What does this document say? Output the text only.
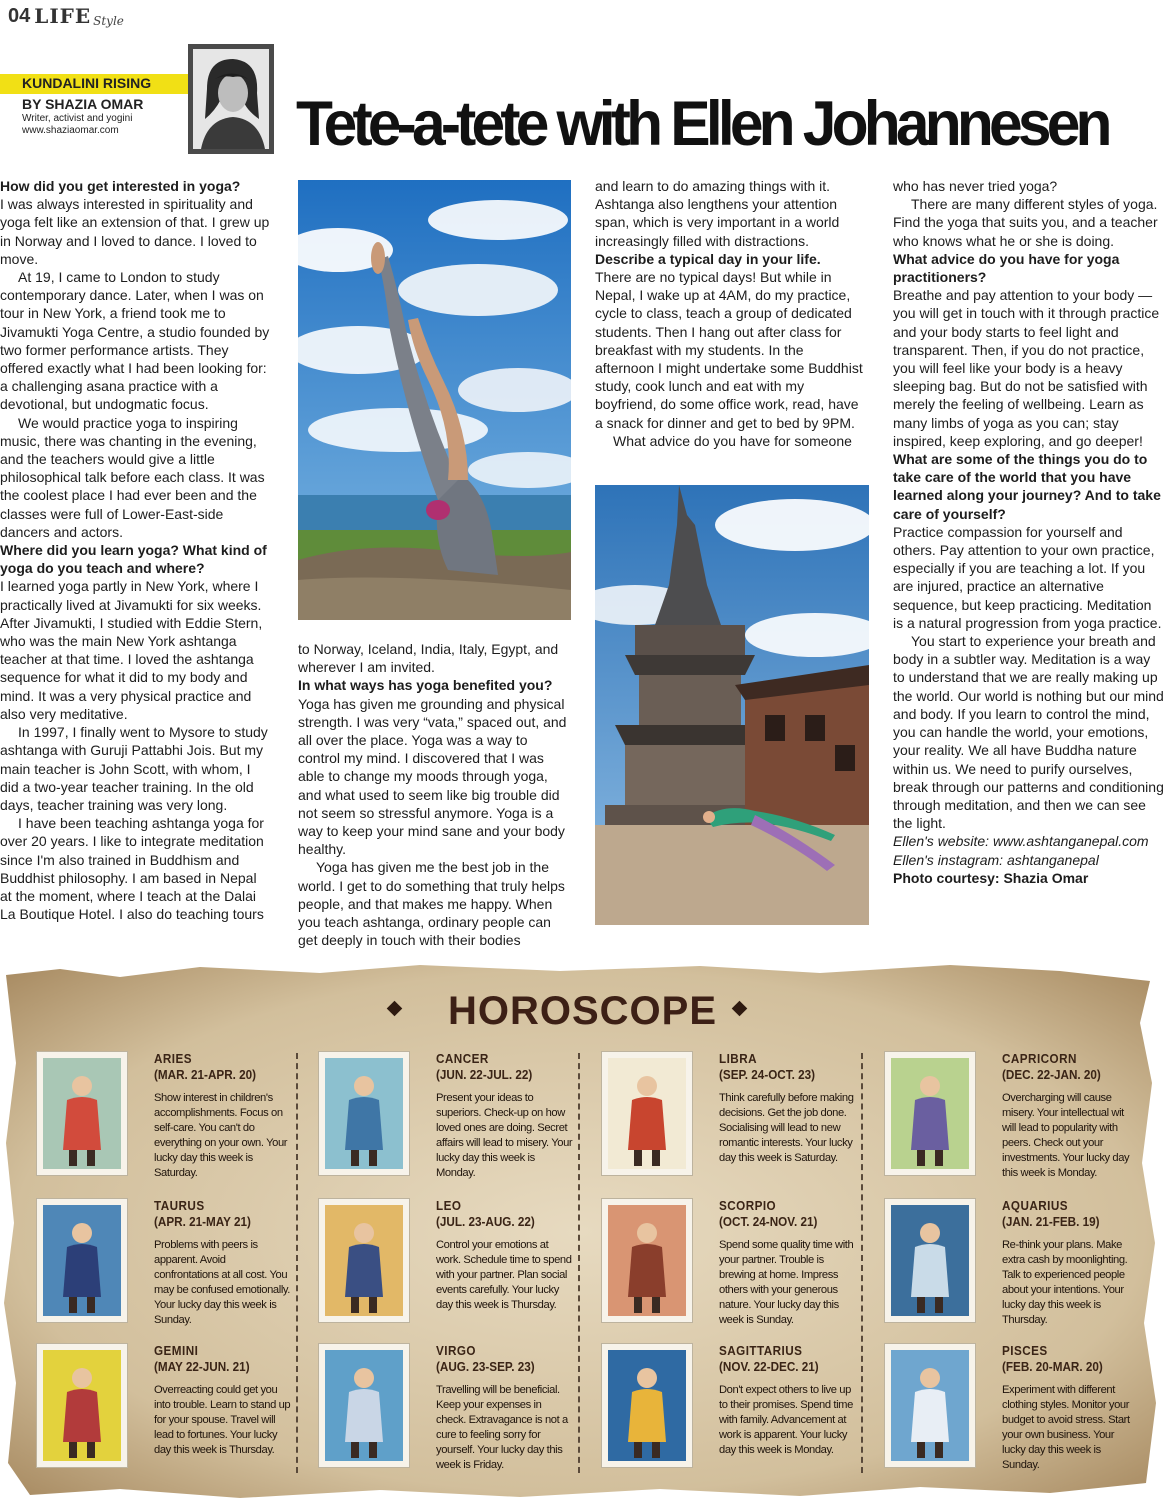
04 LIFE Style
KUNDALINI RISING
BY SHAZIA OMAR
Writer, activist and yogini
www.shaziaomar.com	Tete-a-tete with Ellen Johannesen

How did you get interested in yoga?

I was always interested in spirituality and yoga felt like an extension of that. I grew up in Norway and I loved to dance. I loved to move.

At 19, I came to London to study contemporary dance. Later, when I was on tour in New York, a friend took me to Jivamukti Yoga Centre, a studio founded by two former performance artists. They offered exactly what I had been looking for: a challenging asana practice with a devotional, but undogmatic focus.

We would practice yoga to inspiring music, there was chanting in the evening, and the teachers would give a little philosophical talk before each class. It was the coolest place I had ever been and the classes were full of Lower-East-side dancers and actors.

Where did you learn yoga? What kind of yoga do you teach and where?

I learned yoga partly in New York, where I practically lived at Jivamukti for six weeks. After Jivamukti, I studied with Eddie Stern, who was the main New York ashtanga teacher at that time. I loved the ashtanga sequence for what it did to my body and mind. It was a very physical practice and also very meditative.

In 1997, I finally went to Mysore to study ashtanga with Guruji Pattabhi Jois. But my main teacher is John Scott, with whom, I did a two-year teacher training. In the old days, teacher training was very long.

I have been teaching ashtanga yoga for over 20 years. I like to integrate meditation since I'm also trained in Buddhism and Buddhist philosophy. I am based in Nepal at the moment, where I teach at the Dalai La Boutique Hotel. I also do teaching tours

to Norway, Iceland, India, Italy, Egypt, and wherever I am invited.

In what ways has yoga benefited you?

Yoga has given me grounding and physical strength. I was very “vata,” spaced out, and all over the place. Yoga was a way to control my mind. I discovered that I was able to change my moods through yoga, and what used to seem like big trouble did not seem so stressful anymore. Yoga is a way to keep your mind sane and your body healthy.

Yoga has given me the best job in the world. I get to do something that truly helps people, and that makes me happy. When you teach ashtanga, ordinary people can get deeply in touch with their bodies

and learn to do amazing things with it. Ashtanga also lengthens your attention span, which is very important in a world increasingly filled with distractions.

Describe a typical day in your life.

There are no typical days! But while in Nepal, I wake up at 4AM, do my practice, cycle to class, teach a group of dedicated students. Then I hang out after class for breakfast with my students. In the afternoon I might undertake some Buddhist study, cook lunch and eat with my boyfriend, do some office work, read, have a snack for dinner and get to bed by 9PM.

What advice do you have for someone

who has never tried yoga?

There are many different styles of yoga. Find the yoga that suits you, and a teacher who knows what he or she is doing.

What advice do you have for yoga practitioners?

Breathe and pay attention to your body — you will get in touch with it through practice and your body starts to feel light and transparent. Then, if you do not practice, you will feel like your body is a heavy sleeping bag. But do not be satisfied with merely the feeling of wellbeing. Learn as many limbs of yoga as you can; stay inspired, keep exploring, and go deeper!

What are some of the things you do to take care of the world that you have learned along your journey? And to take care of yourself?

Practice compassion for yourself and others. Pay attention to your own practice, especially if you are teaching a lot. If you are injured, practice an alternative sequence, but keep practicing. Meditation is a natural progression from yoga practice.

You start to experience your breath and body in a subtler way. Meditation is a way to understand that we are really making up the world. Our world is nothing but our mind and body. If you learn to control the mind, you can handle the world, your emotions, your reality. We all have Buddha nature within us. We need to purify ourselves, break through our patterns and conditioning through meditation, and then we can see the light.

Ellen's website: www.ashtanganepal.com

Ellen's instagram: ashtanganepal

Photo courtesy: Shazia Omar

HOROSCOPE
ARIES
(MAR. 21-APR. 20)
Show interest in children's accomplishments. Focus on self-care. You can't do everything on your own. Your lucky day this week is Saturday.
TAURUS
(APR. 21-MAY 21)
Problems with peers is apparent. Avoid confrontations at all cost. You may be confused emotionally. Your lucky day this week is Sunday.
GEMINI
(MAY 22-JUN. 21)
Overreacting could get you into trouble. Learn to stand up for your spouse. Travel will lead to fortunes. Your lucky day this week is Thursday.
CANCER
(JUN. 22-JUL. 22)
Present your ideas to superiors. Check-up on how loved ones are doing. Secret affairs will lead to misery. Your lucky day this week is Monday.
LEO
(JUL. 23-AUG. 22)
Control your emotions at work. Schedule time to spend with your partner. Plan social events carefully. Your lucky day this week is Thursday.
VIRGO
(AUG. 23-SEP. 23)
Travelling will be beneficial. Keep your expenses in check. Extravagance is not a cure to feeling sorry for yourself. Your lucky day this week is Friday.
LIBRA
(SEP. 24-OCT. 23)
Think carefully before making decisions. Get the job done. Socialising will lead to new romantic interests. Your lucky day this week is Saturday.
SCORPIO
(OCT. 24-NOV. 21)
Spend some quality time with your partner. Trouble is brewing at home. Impress others with your generous nature. Your lucky day this week is Sunday.
SAGITTARIUS
(NOV. 22-DEC. 21)
Don't expect others to live up to their promises. Spend time with family. Advancement at work is apparent. Your lucky day this week is Monday.
CAPRICORN
(DEC. 22-JAN. 20)
Overcharging will cause misery. Your intellectual wit will lead to popularity with peers. Check out your investments. Your lucky day this week is Monday.
AQUARIUS
(JAN. 21-FEB. 19)
Re-think your plans. Make extra cash by moonlighting. Talk to experienced people about your intentions. Your lucky day this week is Thursday.
PISCES
(FEB. 20-MAR. 20)
Experiment with different clothing styles. Monitor your budget to avoid stress. Start your own business. Your lucky day this week is Sunday.
